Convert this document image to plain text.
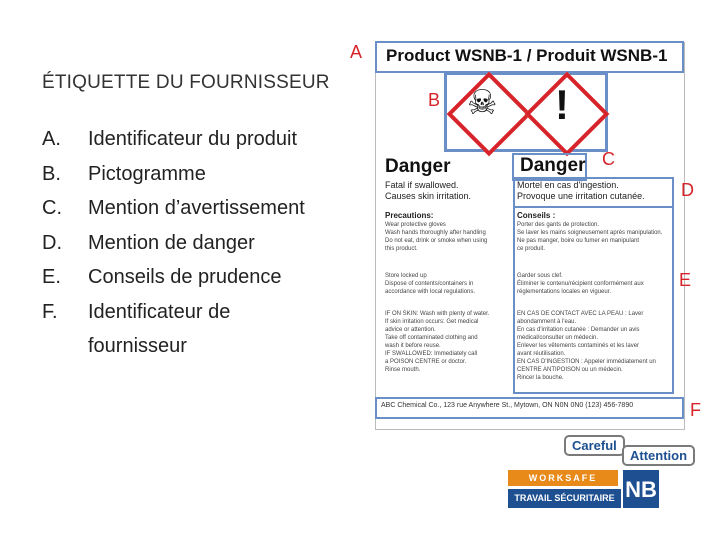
ÉTIQUETTE DU FOURNISSEUR
A. Identificateur du produit
B. Pictogramme
C. Mention d’avertissement
D. Mention de danger
E. Conseils de prudence
F. Identificateur de fournisseur
Product WSNB-1 / Produit WSNB-1
☠ !
Danger	Danger
Fatal if swallowed.
Causes skin irritation.
Mortel en cas d'ingestion.
Provoque une irritation cutanée.
Precautions:
Wear protective gloves
Wash hands thoroughly after handling
Do not eat, drink or smoke when using
this product.
Conseils :
Porter des gants de protection.
Se laver les mains soigneusement après manipulation.
Ne pas manger, boire ou fumer en manipulant
ce produit.
Store locked up
Dispose of contents/containers in
accordance with local regulations.
Garder sous clef.
Éliminer le contenu/récipient conformément aux
réglementations locales en vigueur.
IF ON SKIN: Wash with plenty of water.
If skin irritation occurs: Get medical
advice or attention.
Take off contaminated clothing and
wash it before reuse.
IF SWALLOWED: Immediately call
a POISON CENTRE or doctor.
Rinse mouth.
EN CAS DE CONTACT AVEC LA PEAU : Laver
abondamment à l'eau.
En cas d'irritation cutanée : Demander un avis
médical/consulter un médecin.
Enlever les vêtements contaminés et les laver
avant réutilisation.
EN CAS D'INGESTION : Appeler immédiatement un
CENTRE ANTIPOISON ou un médecin.
Rincer la bouche.
ABC Chemical Co., 123 rue Anywhere St., Mytown, ON N0N 0N0 (123) 456-7890
A
B
C
D
E
F
Careful
Attention
WORKSAFE
TRAVAIL SÉCURITAIRE NB
